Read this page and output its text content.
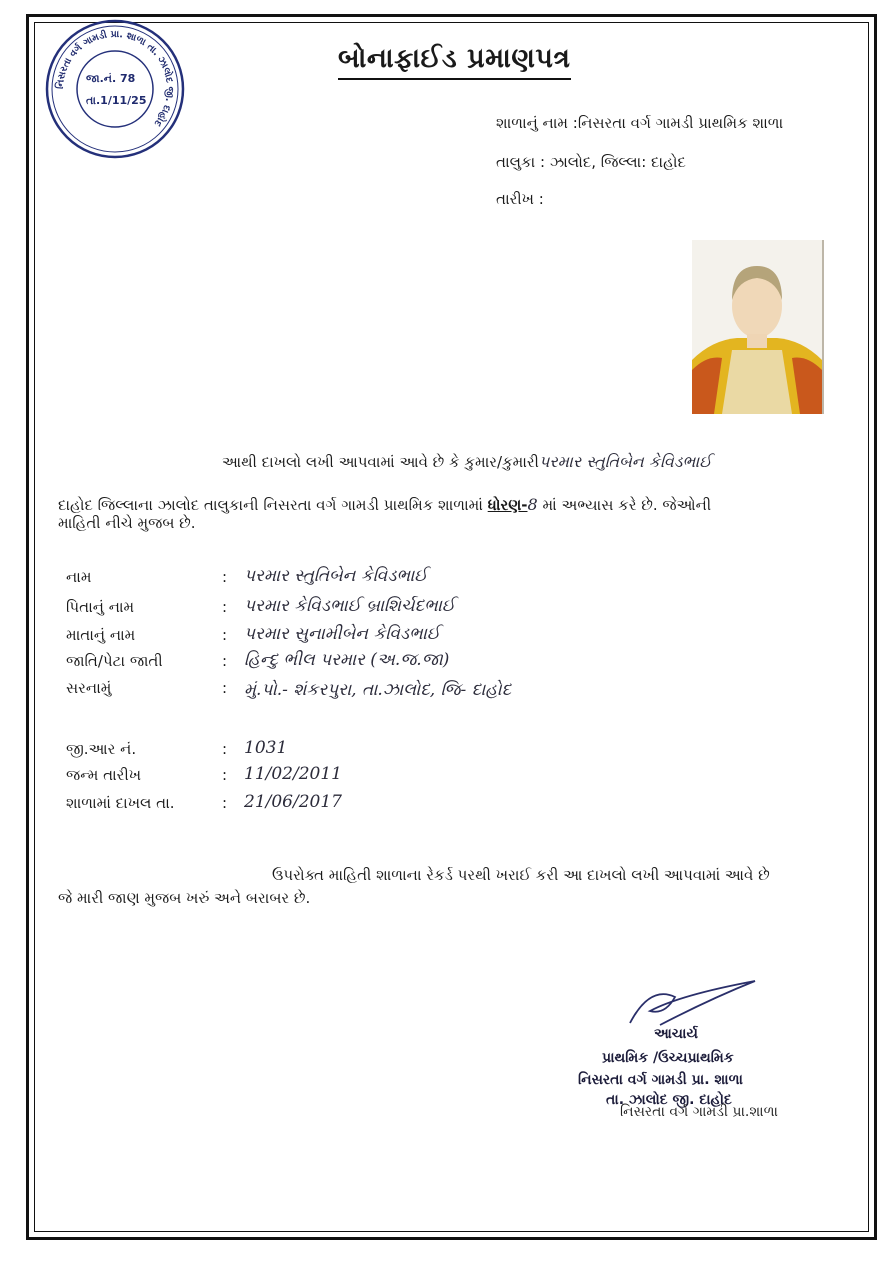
નિસરતા વર્ગ ગામડી પ્રા. શાળા તા. ઝાલોદ જી. દાહોદ
જા.નં. 78
તા.1/11/25
બોનાફાઈડ પ્રમાણપત્ર
શાળાનું નામ :નિસરતા વર્ગ ગામડી પ્રાથમિક શાળા
તાલુકા : ઝાલોદ, જિલ્લા: દાહોદ
તારીખ :
આથી દાખલો લખી આપવામાં આવે છે કે કુમાર/કુમારીપરમાર સ્તુતિબેન કેવિડભાઈ
દાહોદ જિલ્લાના ઝાલોદ તાલુકાની નિસરતા વર્ગ ગામડી પ્રાથમિક શાળામાં ધોરણ-8 માં અભ્યાસ કરે છે. જેઓની
માહિતી નીચે મુજબ છે.
નામ	: પરમાર સ્તુતિબેન કેવિડભાઈ
પિતાનું નામ	: પરમાર કેવિડભાઈ બ્રાશિર્ચદભાઈ
માતાનું નામ	: પરમાર સુનામીબેન કેવિડભાઈ
જાતિ/પેટા જાતી	: હિન્દુ ભીલ પરમાર (અ.જ.જા)
સરનામું	: મું.પો.- શંકરપુરા, તા.ઝાલોદ, જિ- દાહોદ
જી.આર નં.	: 1031
જન્મ તારીખ	: 11/02/2011
શાળામાં દાખલ તા.	: 21/06/2017
ઉપરોક્ત માહિતી શાળાના રેકર્ડ પરથી ખરાઈ કરી આ દાખલો લખી આપવામાં આવે છે
જે મારી જાણ મુજબ ખરું અને બરાબર છે.
આચાર્ય
પ્રાથમિક /ઉચ્ચપ્રાથમિક
નિસરતા વર્ગ ગામડી પ્રા. શાળા
તા. ઝાલોદ જી. દાહોદ
નિસરતા વર્ગ ગામડી પ્રા.શાળા
